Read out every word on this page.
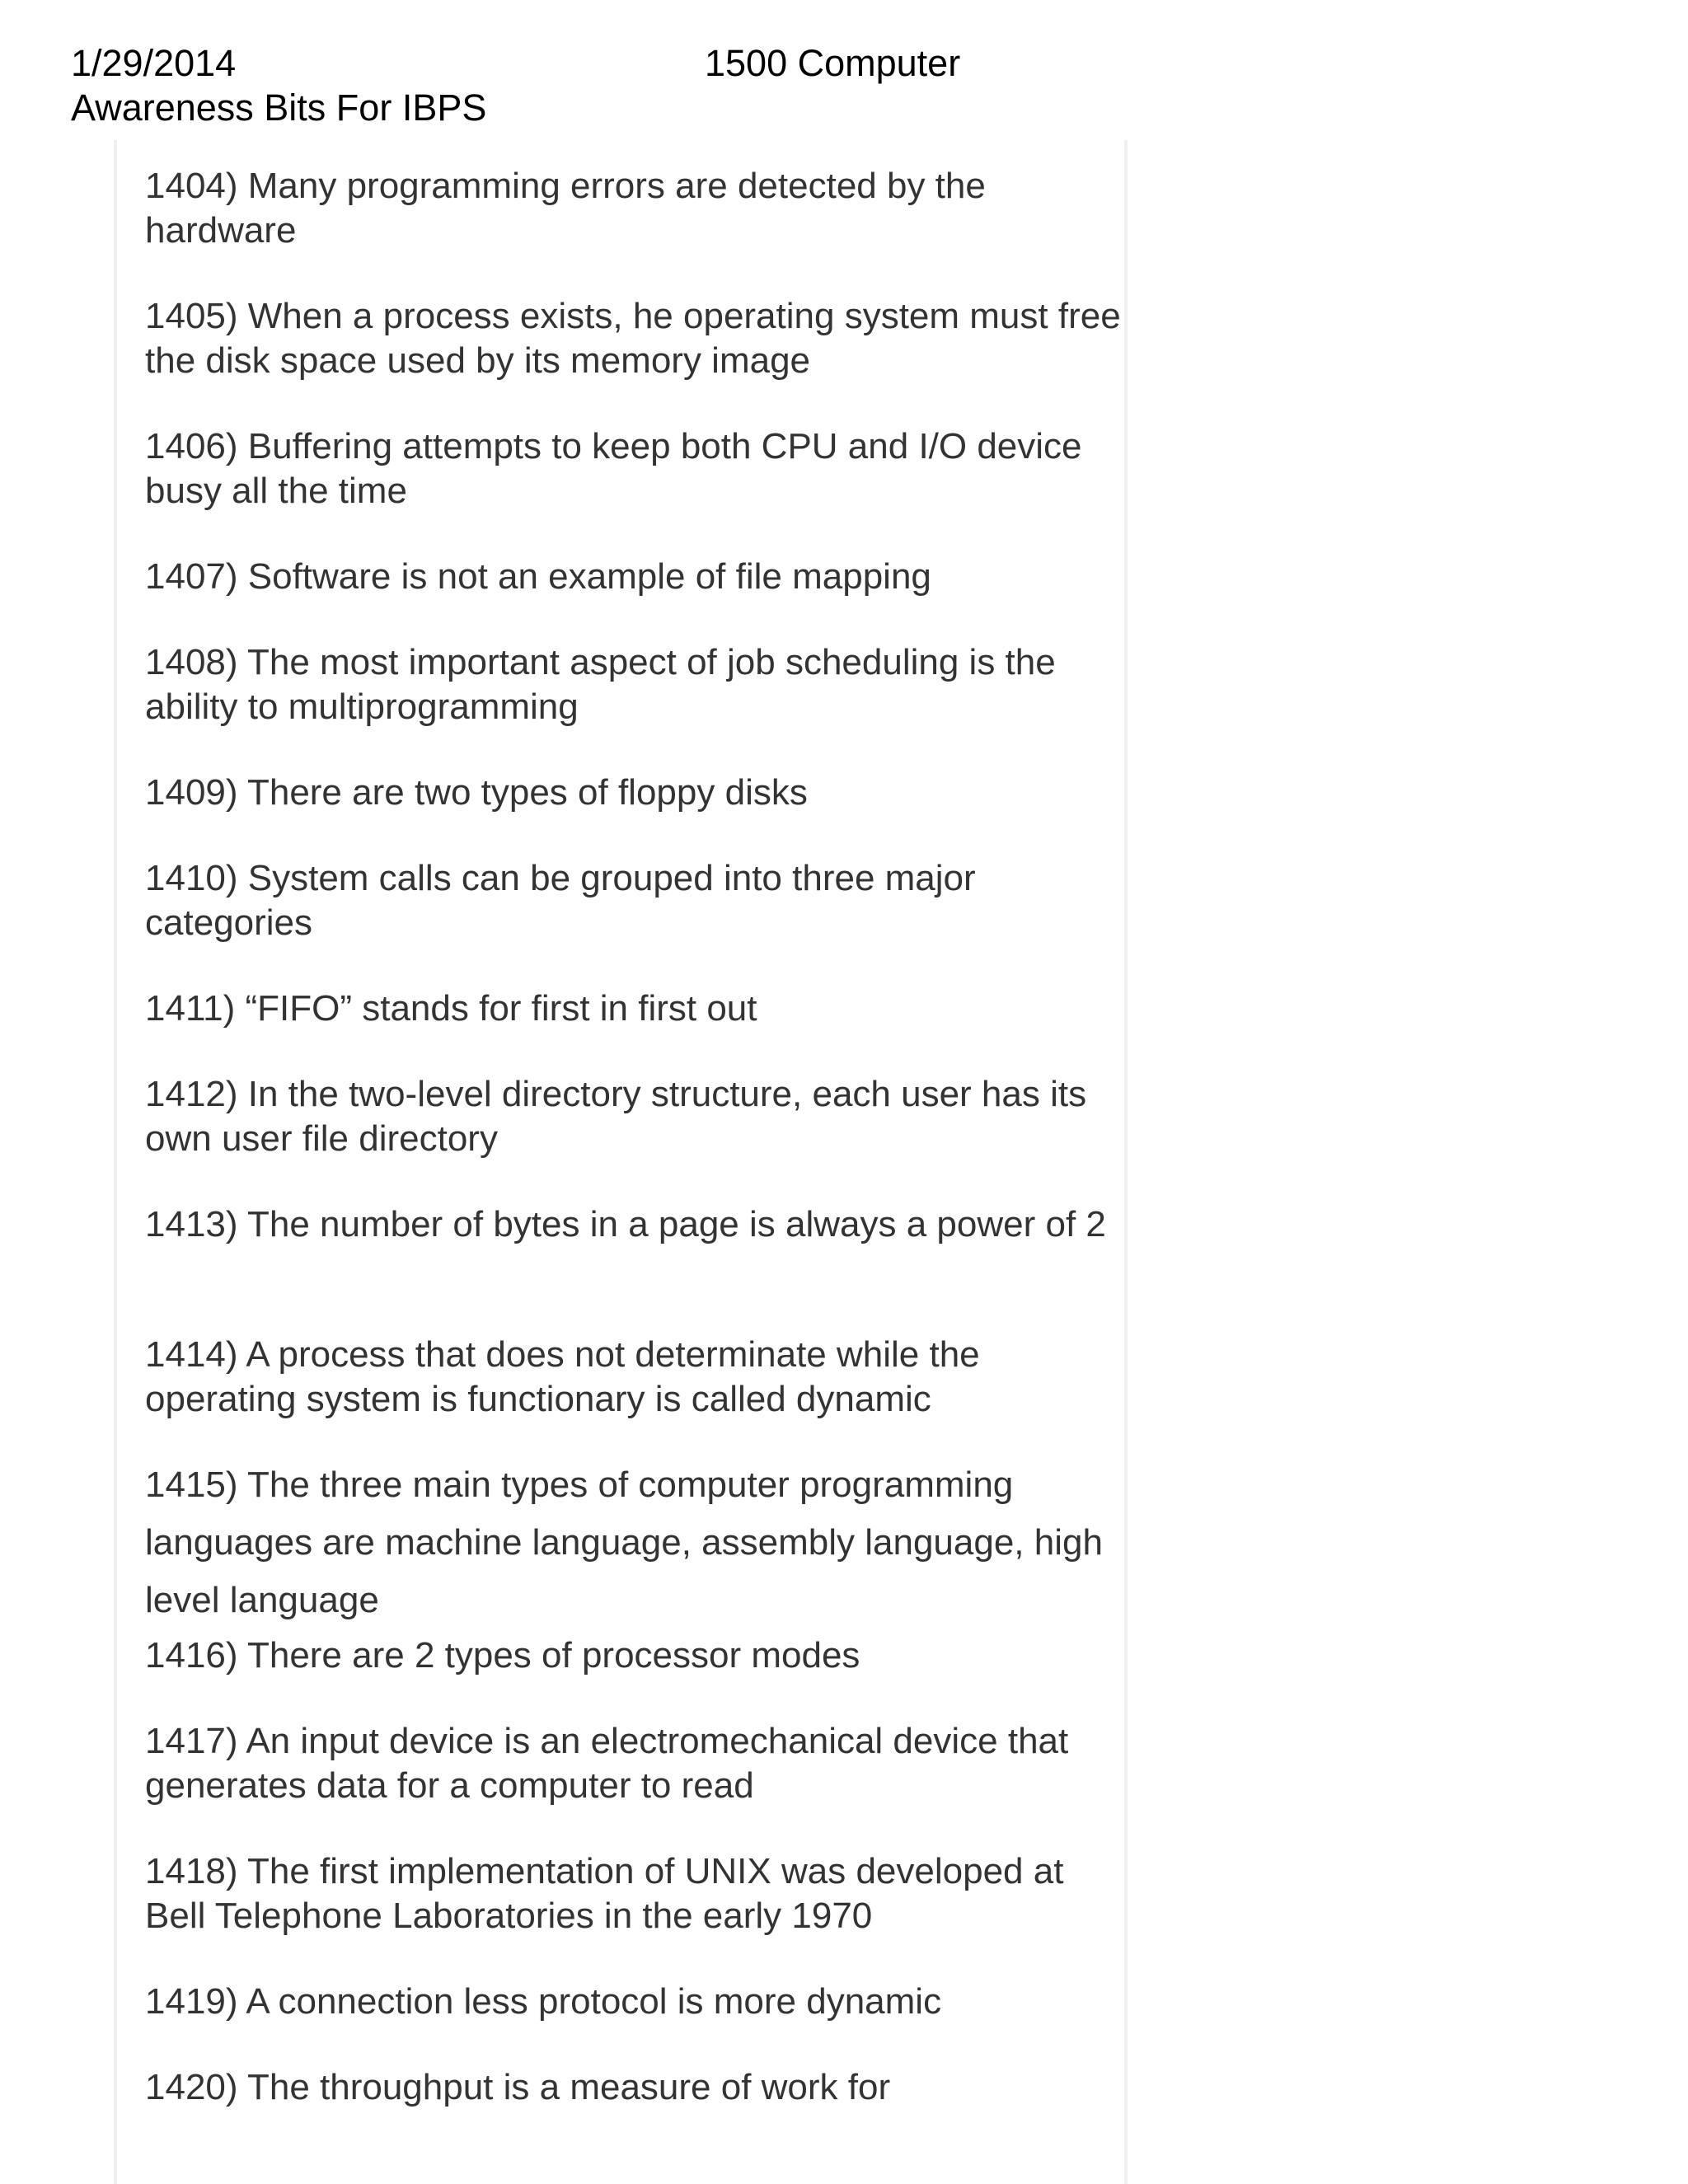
1/29/2014	1500 Computer
Awareness Bits For IBPS
1404) Many programming errors are detected by the hardware
1405) When a process exists, he operating system must free the disk space used by its memory image
1406) Buffering attempts to keep both CPU and I/O device busy all the time
1407) Software is not an example of file mapping
1408) The most important aspect of job scheduling is the ability to multiprogramming
1409) There are two types of floppy disks
1410) System calls can be grouped into three major categories
1411) “FIFO” stands for first in first out
1412) In the two-level directory structure, each user has its own user file directory
1413) The number of bytes in a page is always a power of 2
1414) A process that does not determinate while the operating system is functionary is called dynamic
1415) The three main types of computer programming languages are machine language, assembly language, high level language
1416) There are 2 types of processor modes
1417) An input device is an electromechanical device that generates data for a computer to read
1418) The first implementation of UNIX was developed at Bell Telephone Laboratories in the early 1970
1419) A connection less protocol is more dynamic
1420) The throughput is a measure of work for
